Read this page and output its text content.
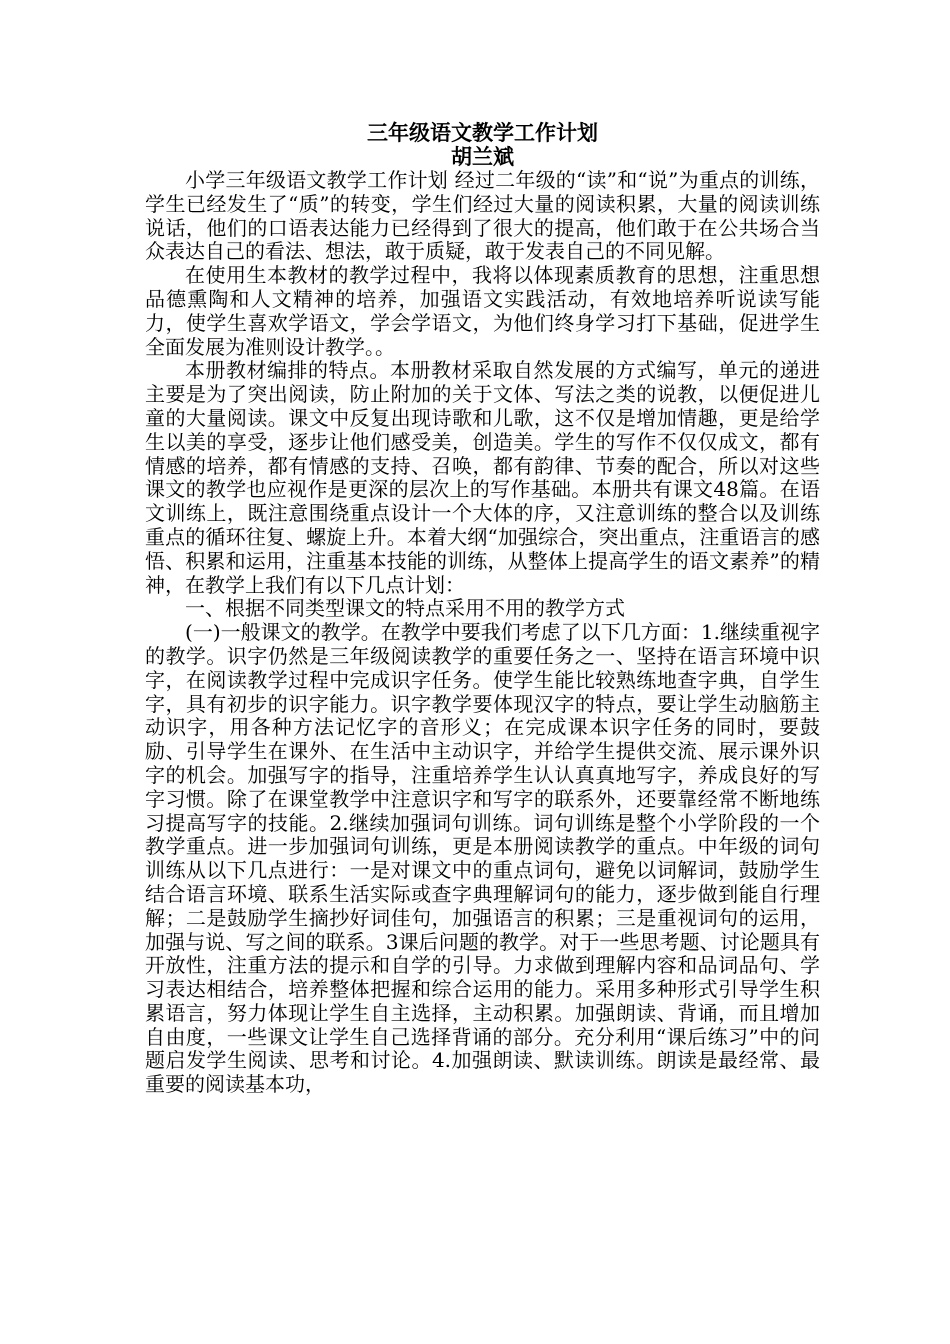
三年级语文教学工作计划
胡兰斌

小学三年级语文教学工作计划 经过二年级的“读”和“说”为重点的训练，学生已经发生了“质”的转变，学生们经过大量的阅读积累，大量的阅读训练说话，他们的口语表达能力已经得到了很大的提高，他们敢于在公共场合当众表达自己的看法、想法，敢于质疑，敢于发表自己的不同见解。

在使用生本教材的教学过程中，我将以体现素质教育的思想，注重思想品德熏陶和人文精神的培养，加强语文实践活动，有效地培养听说读写能力，使学生喜欢学语文，学会学语文，为他们终身学习打下基础，促进学生全面发展为准则设计教学。。

本册教材编排的特点。本册教材采取自然发展的方式编写，单元的递进主要是为了突出阅读，防止附加的关于文体、写法之类的说教，以便促进儿童的大量阅读。课文中反复出现诗歌和儿歌，这不仅是增加情趣，更是给学生以美的享受，逐步让他们感受美，创造美。学生的写作不仅仅成文，都有情感的培养，都有情感的支持、召唤，都有韵律、节奏的配合，所以对这些课文的教学也应视作是更深的层次上的写作基础。本册共有课文48篇。在语文训练上，既注意围绕重点设计一个大体的序，又注意训练的整合以及训练重点的循环往复、螺旋上升。本着大纲“加强综合，突出重点，注重语言的感悟、积累和运用，注重基本技能的训练，从整体上提高学生的语文素养”的精神，在教学上我们有以下几点计划：

一、根据不同类型课文的特点采用不用的教学方式

(一)一般课文的教学。在教学中要我们考虑了以下几方面：1.继续重视字的教学。识字仍然是三年级阅读教学的重要任务之一、坚持在语言环境中识字，在阅读教学过程中完成识字任务。使学生能比较熟练地查字典，自学生字，具有初步的识字能力。识字教学要体现汉字的特点，要让学生动脑筋主动识字，用各种方法记忆字的音形义；在完成课本识字任务的同时，要鼓励、引导学生在课外、在生活中主动识字，并给学生提供交流、展示课外识字的机会。加强写字的指导，注重培养学生认认真真地写字，养成良好的写字习惯。除了在课堂教学中注意识字和写字的联系外，还要靠经常不断地练习提高写字的技能。2.继续加强词句训练。词句训练是整个小学阶段的一个教学重点。进一步加强词句训练，更是本册阅读教学的重点。中年级的词句训练从以下几点进行：一是对课文中的重点词句，避免以词解词，鼓励学生结合语言环境、联系生活实际或查字典理解词句的能力，逐步做到能自行理解；二是鼓励学生摘抄好词佳句，加强语言的积累；三是重视词句的运用，加强与说、写之间的联系。3课后问题的教学。对于一些思考题、讨论题具有开放性，注重方法的提示和自学的引导。力求做到理解内容和品词品句、学习表达相结合，培养整体把握和综合运用的能力。采用多种形式引导学生积累语言，努力体现让学生自主选择，主动积累。加强朗读、背诵，而且增加自由度，一些课文让学生自己选择背诵的部分。充分利用“课后练习”中的问题启发学生阅读、思考和讨论。4.加强朗读、默读训练。朗读是最经常、最重要的阅读基本功，
